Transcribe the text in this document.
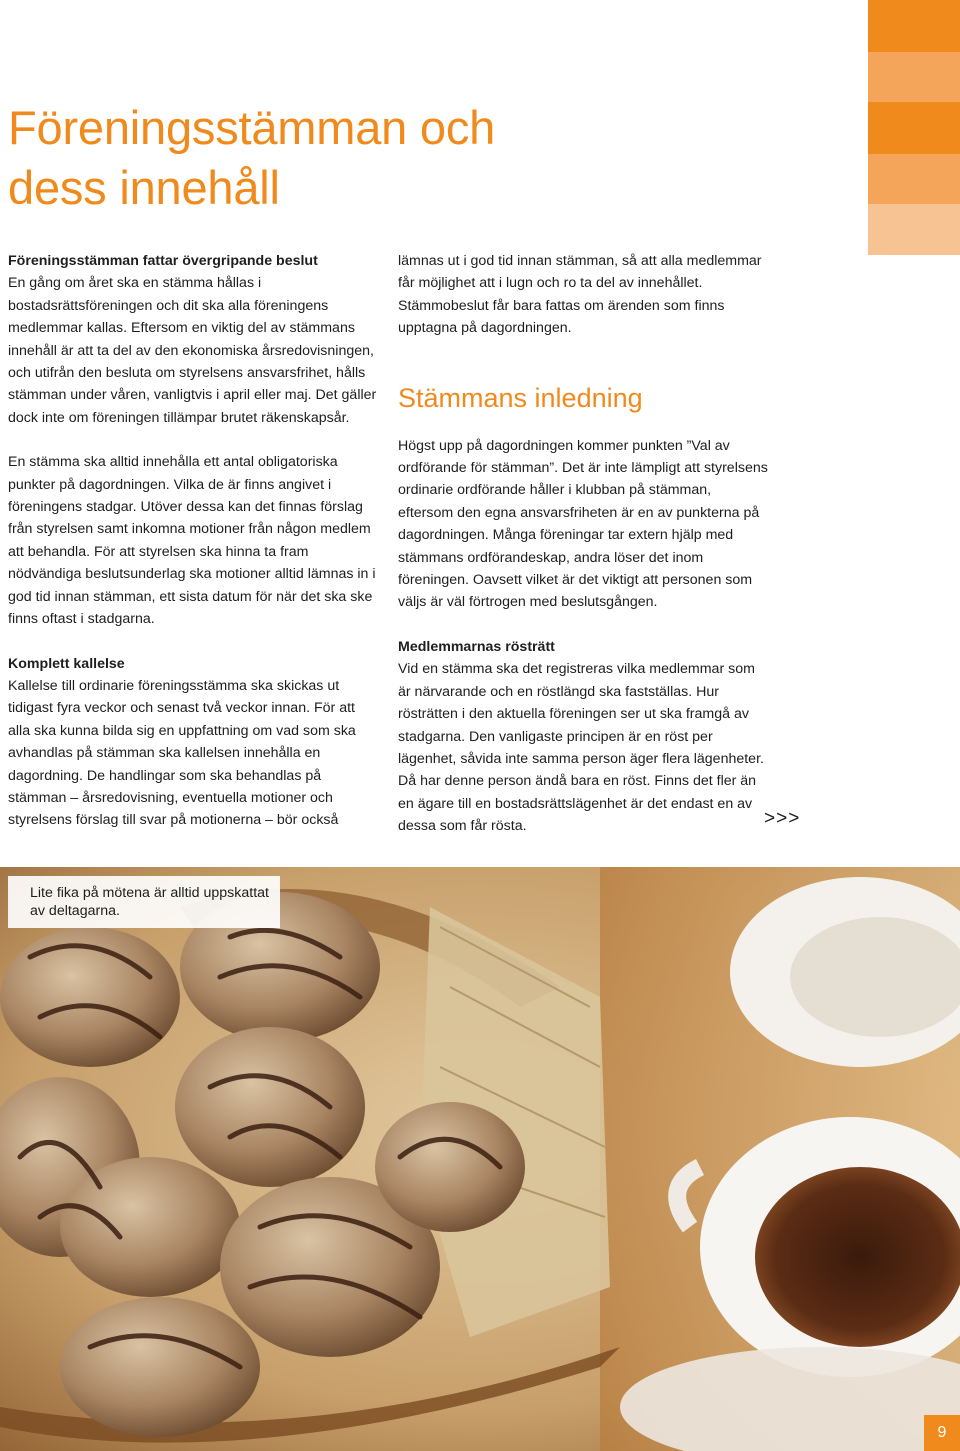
Föreningsstämman och
dess innehåll
Föreningsstämman fattar övergripande beslut

En gång om året ska en stämma hållas i bostadsrättsföreningen och dit ska alla föreningens medlemmar kallas. Eftersom en viktig del av stämmans innehåll är att ta del av den ekonomiska årsredovisningen, och utifrån den besluta om styrelsens ansvarsfrihet, hålls stämman under våren, vanligtvis i april eller maj. Det gäller dock inte om föreningen tillämpar brutet räkenskapsår.

En stämma ska alltid innehålla ett antal obligatoriska punkter på dagordningen. Vilka de är finns angivet i föreningens stadgar. Utöver dessa kan det finnas förslag från styrelsen samt inkomna motioner från någon medlem att behandla. För att styrelsen ska hinna ta fram nödvändiga beslutsunderlag ska motioner alltid lämnas in i god tid innan stämman, ett sista datum för när det ska ske finns oftast i stadgarna.

Komplett kallelse

Kallelse till ordinarie föreningsstämma ska skickas ut tidigast fyra veckor och senast två veckor innan. För att alla ska kunna bilda sig en uppfattning om vad som ska avhandlas på stämman ska kallelsen innehålla en dagordning. De handlingar som ska behandlas på stämman – årsredovisning, eventuella motioner och styrelsens förslag till svar på motionerna – bör också

lämnas ut i god tid innan stämman, så att alla medlemmar får möjlighet att i lugn och ro ta del av innehållet. Stämmobeslut får bara fattas om ärenden som finns upptagna på dagordningen.

Stämmans inledning

Högst upp på dagordningen kommer punkten ”Val av ordförande för stämman”. Det är inte lämpligt att styrelsens ordinarie ordförande håller i klubban på stämman, eftersom den egna ansvarsfriheten är en av punkterna på dagordningen. Många föreningar tar extern hjälp med stämmans ordförandeskap, andra löser det inom föreningen. Oavsett vilket är det viktigt att personen som väljs är väl förtrogen med beslutsgången.

Medlemmarnas rösträtt

Vid en stämma ska det registreras vilka medlemmar som är närvarande och en röstlängd ska fastställas. Hur rösträtten i den aktuella föreningen ser ut ska framgå av stadgarna. Den vanligaste principen är en röst per lägenhet, såvida inte samma person äger flera lägenheter. Då har denne person ändå bara en röst. Finns det fler än en ägare till en bostadsrättslägenhet är det endast en av dessa som får rösta.	>>>
Lite fika på mötena är alltid uppskattat av deltagarna.
9
